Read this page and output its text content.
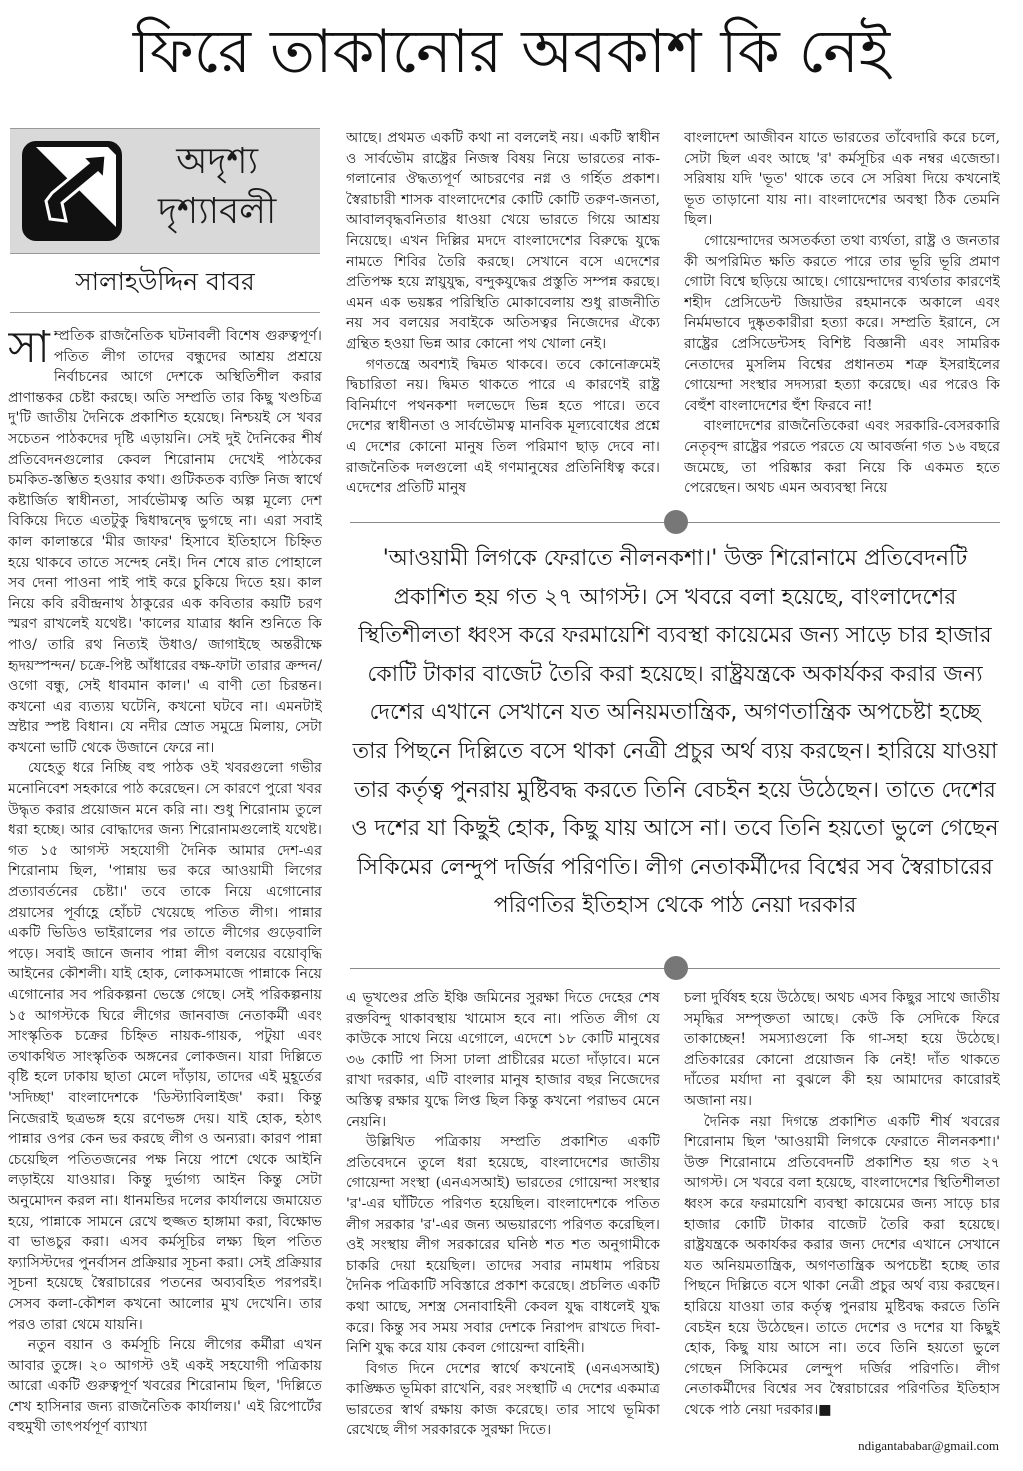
ফিরে তাকানোর অবকাশ কি নেই
অদৃশ্য
দৃশ্যাবলী
সালাহউদ্দিন বাবর

সাম্প্রতিক রাজনৈতিক ঘটনাবলী বিশেষ গুরুত্বপূর্ণ। পতিত লীগ তাদের বন্ধুদের আশ্রয় প্রশ্রয়ে নির্বাচনের আগে দেশকে অস্থিতিশীল করার প্রাণান্তকর চেষ্টা করছে। অতি সম্প্রতি তার কিছু খণ্ডচিত্র দু'টি জাতীয় দৈনিকে প্রকাশিত হয়েছে। নিশ্চয়ই সে খবর সচেতন পাঠকদের দৃষ্টি এড়ায়নি। সেই দুই দৈনিকের শীর্ষ প্রতিবেদনগুলোর কেবল শিরোনাম দেখেই পাঠকের চমকিত-স্তম্ভিত হওয়ার কথা। গুটিকতক ব্যক্তি নিজ স্বার্থে কষ্টার্জিত স্বাধীনতা, সার্বভৌমত্ব অতি অল্প মূল্যে দেশ বিকিয়ে দিতে এতটুকু দ্বিধাদ্বন্দ্বে ভুগছে না। এরা সবাই কাল কালান্তরে 'মীর জাফর' হিসাবে ইতিহাসে চিহ্নিত হয়ে থাকবে তাতে সন্দেহ নেই। দিন শেষে রাত পোহালে সব দেনা পাওনা পাই পাই করে চুকিয়ে দিতে হয়। কাল নিয়ে কবি রবীন্দ্রনাথ ঠাকুরের এক কবিতার কয়টি চরণ স্মরণ রাখলেই যথেষ্ট। 'কালের যাত্রার ধ্বনি শুনিতে কি পাও/ তারি রথ নিত্যই উধাও/ জাগাইছে অন্তরীক্ষে হৃদয়স্পন্দন/ চক্রে-পিষ্ট আঁধারের বক্ষ-ফাটা তারার ক্রন্দন/ ওগো বন্ধু, সেই ধাবমান কাল।' এ বাণী তো চিরন্তন। কখনো এর ব্যত্যয় ঘটেনি, কখনো ঘটবে না। এমনটাই স্রষ্টার স্পষ্ট বিধান। যে নদীর স্রোত সমুদ্রে মিলায়, সেটা কখনো ভাটি থেকে উজানে ফেরে না।

যেহেতু ধরে নিচ্ছি বহু পাঠক ওই খবরগুলো গভীর মনোনিবেশ সহকারে পাঠ করেছেন। সে কারণে পুরো খবর উদ্ধৃত করার প্রয়োজন মনে করি না। শুধু শিরোনাম তুলে ধরা হচ্ছে। আর বোদ্ধাদের জন্য শিরোনামগুলোই যথেষ্ট। গত ১৫ আগস্ট সহযোগী দৈনিক আমার দেশ-এর শিরোনাম ছিল, 'পান্নায় ভর করে আওয়ামী লিগের প্রত্যাবর্তনের চেষ্টা।' তবে তাকে নিয়ে এগোনোর প্রয়াসের পূর্বাহ্ণে হোঁচট খেয়েছে পতিত লীগ। পান্নার একটি ভিডিও ভাইরালের পর তাতে লীগের গুড়েবালি পড়ে। সবাই জানে জনাব পান্না লীগ বলয়ের বয়োবৃদ্ধি আইনের কৌশলী। যাই হোক, লোকসমাজে পান্নাকে নিয়ে এগোনোর সব পরিকল্পনা ভেস্তে গেছে। সেই পরিকল্পনায় ১৫ আগস্টকে ঘিরে লীগের জানবাজ নেতাকর্মী এবং সাংস্কৃতিক চক্রের চিহ্নিত নায়ক-গায়ক, পটুয়া এবং তথাকথিত সাংস্কৃতিক অঙ্গনের লোকজন। যারা দিল্লিতে বৃষ্টি হলে ঢাকায় ছাতা মেলে দাঁড়ায়, তাদের এই মুহূর্তের 'সদিচ্ছা' বাংলাদেশকে 'ডিস্ট্যাবিলাইজ' করা। কিন্তু নিজেরাই ছত্রভঙ্গ হয়ে রণেভঙ্গ দেয়। যাই হোক, হঠাৎ পান্নার ওপর কেন ভর করছে লীগ ও অন্যরা। কারণ পান্না চেয়েছিল পতিতজনের পক্ষ নিয়ে পাশে থেকে আইনি লড়াইয়ে যাওয়ার। কিন্তু দুর্ভাগ্য আইন কিন্তু সেটা অনুমোদন করল না। ধানমন্ডির দলের কার্যালয়ে জমায়েত হয়ে, পান্নাকে সামনে রেখে হুজ্জত হাঙ্গামা করা, বিক্ষোভ বা ভাঙচুর করা। এসব কর্মসূচির লক্ষ্য ছিল পতিত ফ্যাসিস্টদের পুনর্বাসন প্রক্রিয়ার সূচনা করা। সেই প্রক্রিয়ার সূচনা হয়েছে স্বৈরাচারের পতনের অব্যবহিত পরপরই। সেসব কলা-কৌশল কখনো আলোর মুখ দেখেনি। তার পরও তারা থেমে যায়নি।

নতুন বয়ান ও কর্মসূচি নিয়ে লীগের কর্মীরা এখন আবার তুঙ্গে। ২০ আগস্ট ওই একই সহযোগী পত্রিকায় আরো একটি গুরুত্বপূর্ণ খবরের শিরোনাম ছিল, 'দিল্লিতে শেখ হাসিনার জন্য রাজনৈতিক কার্যালয়।' এই রিপোর্টের বহুমুখী তাৎপর্যপূর্ণ ব্যাখ্যা

আছে। প্রথমত একটি কথা না বললেই নয়। একটি স্বাধীন ও সার্বভৌম রাষ্ট্রের নিজস্ব বিষয় নিয়ে ভারতের নাক-গলানোর ঔদ্ধত্যপূর্ণ আচরণের নগ্ন ও গর্হিত প্রকাশ। স্বৈরাচারী শাসক বাংলাদেশের কোটি কোটি তরুণ-জনতা, আবালবৃদ্ধবনিতার ধাওয়া খেয়ে ভারতে গিয়ে আশ্রয় নিয়েছে। এখন দিল্লির মদদে বাংলাদেশের বিরুদ্ধে যুদ্ধে নামতে শিবির তৈরি করছে। সেখানে বসে এদেশের প্রতিপক্ষ হয়ে স্নায়ুযুদ্ধ, বন্দুকযুদ্ধের প্রস্তুতি সম্পন্ন করছে। এমন এক ভয়ঙ্কর পরিস্থিতি মোকাবেলায় শুধু রাজনীতি নয় সব বলয়ের সবাইকে অতিসত্বর নিজেদের ঐক্যে গ্রন্থিত হওয়া ভিন্ন আর কোনো পথ খোলা নেই।

গণতন্ত্রে অবশ্যই দ্বিমত থাকবে। তবে কোনোক্রমেই দ্বিচারিতা নয়। দ্বিমত থাকতে পারে এ কারণেই রাষ্ট্র বিনির্মাণে পথনকশা দলভেদে ভিন্ন হতে পারে। তবে দেশের স্বাধীনতা ও সার্বভৌমত্ব মানবিক মূল্যবোধের প্রশ্নে এ দেশের কোনো মানুষ তিল পরিমাণ ছাড় দেবে না। রাজনৈতিক দলগুলো এই গণমানুষের প্রতিনিধিত্ব করে। এদেশের প্রতিটি মানুষ

বাংলাদেশ আজীবন যাতে ভারতের তাঁবেদারি করে চলে, সেটা ছিল এবং আছে 'র' কর্মসূচির এক নম্বর এজেন্ডা। সরিষায় যদি 'ভূত' থাকে তবে সে সরিষা দিয়ে কখনোই ভূত তাড়ানো যায় না। বাংলাদেশের অবস্থা ঠিক তেমনি ছিল।

গোয়েন্দাদের অসতর্কতা তথা ব্যর্থতা, রাষ্ট্র ও জনতার কী অপরিমিত ক্ষতি করতে পারে তার ভূরি ভূরি প্রমাণ গোটা বিশ্বে ছড়িয়ে আছে। গোয়েন্দাদের ব্যর্থতার কারণেই শহীদ প্রেসিডেন্ট জিয়াউর রহমানকে অকালে এবং নির্মমভাবে দুষ্কৃতকারীরা হত্যা করে। সম্প্রতি ইরানে, সে রাষ্ট্রের প্রেসিডেন্টসহ বিশিষ্ট বিজ্ঞানী এবং সামরিক নেতাদের মুসলিম বিশ্বের প্রধানতম শত্রু ইসরাইলের গোয়েন্দা সংস্থার সদস্যরা হত্যা করেছে। এর পরেও কি বেহুঁশ বাংলাদেশের হুঁশ ফিরবে না!

বাংলাদেশের রাজনৈতিকেরা এবং সরকারি-বেসরকারি নেতৃবৃন্দ রাষ্ট্রের পরতে পরতে যে আবর্জনা গত ১৬ বছরে জমেছে, তা পরিষ্কার করা নিয়ে কি একমত হতে পেরেছেন। অথচ এমন অব্যবস্থা নিয়ে

'আওয়ামী লিগকে ফেরাতে নীলনকশা।' উক্ত শিরোনামে প্রতিবেদনটি প্রকাশিত হয় গত ২৭ আগস্ট। সে খবরে বলা হয়েছে, বাংলাদেশের স্থিতিশীলতা ধ্বংস করে ফরমায়েশি ব্যবস্থা কায়েমের জন্য সাড়ে চার হাজার কোটি টাকার বাজেট তৈরি করা হয়েছে। রাষ্ট্রযন্ত্রকে অকার্যকর করার জন্য দেশের এখানে সেখানে যত অনিয়মতান্ত্রিক, অগণতান্ত্রিক অপচেষ্টা হচ্ছে তার পিছনে দিল্লিতে বসে থাকা নেত্রী প্রচুর অর্থ ব্যয় করছেন। হারিয়ে যাওয়া তার কর্তৃত্ব পুনরায় মুষ্টিবদ্ধ করতে তিনি বেচইন হয়ে উঠেছেন। তাতে দেশের ও দশের যা কিছুই হোক, কিছু যায় আসে না। তবে তিনি হয়তো ভুলে গেছেন সিকিমের লেন্দুপ দর্জির পরিণতি। লীগ নেতাকর্মীদের বিশ্বের সব স্বৈরাচারের পরিণতির ইতিহাস থেকে পাঠ নেয়া দরকার

এ ভূখণ্ডের প্রতি ইঞ্চি জমিনের সুরক্ষা দিতে দেহের শেষ রক্তবিন্দু থাকাবস্থায় খামোস হবে না। পতিত লীগ যে কাউকে সাথে নিয়ে এগোলে, এদেশে ১৮ কোটি মানুষের ৩৬ কোটি পা সিসা ঢালা প্রাচীরের মতো দাঁড়াবে। মনে রাখা দরকার, এটি বাংলার মানুষ হাজার বছর নিজেদের অস্তিত্ব রক্ষার যুদ্ধে লিপ্ত ছিল কিন্তু কখনো পরাভব মেনে নেয়নি।

উল্লিখিত পত্রিকায় সম্প্রতি প্রকাশিত একটি প্রতিবেদনে তুলে ধরা হয়েছে, বাংলাদেশের জাতীয় গোয়েন্দা সংস্থা (এনএসআই) ভারতের গোয়েন্দা সংস্থার 'র'-এর ঘাঁটিতে পরিণত হয়েছিল। বাংলাদেশকে পতিত লীগ সরকার 'র'-এর জন্য অভয়ারণ্যে পরিণত করেছিল। ওই সংস্থায় লীগ সরকারের ঘনিষ্ঠ শত শত অনুগামীকে চাকরি দেয়া হয়েছিল। তাদের সবার নামধাম পরিচয় দৈনিক পত্রিকাটি সবিস্তারে প্রকাশ করেছে। প্রচলিত একটি কথা আছে, সশস্ত্র সেনাবাহিনী কেবল যুদ্ধ বাধলেই যুদ্ধ করে। কিন্তু সব সময় সবার দেশকে নিরাপদ রাখতে দিবা-নিশি যুদ্ধ করে যায় কেবল গোয়েন্দা বাহিনী।

বিগত দিনে দেশের স্বার্থে কখনোই (এনএসআই) কাঙ্ক্ষিত ভূমিকা রাখেনি, বরং সংস্থাটি এ দেশের একমাত্র ভারতের স্বার্থ রক্ষায় কাজ করেছে। তার সাথে ভূমিকা রেখেছে লীগ সরকারকে সুরক্ষা দিতে।

চলা দুর্বিষহ হয়ে উঠেছে। অথচ এসব কিছুর সাথে জাতীয় সমৃদ্ধির সম্পৃক্ততা আছে। কেউ কি সেদিকে ফিরে তাকাচ্ছেন! সমস্যাগুলো কি গা-সহা হয়ে উঠেছে। প্রতিকারের কোনো প্রয়োজন কি নেই! দাঁত থাকতে দাঁতের মর্যাদা না বুঝলে কী হয় আমাদের কারোরই অজানা নয়।

দৈনিক নয়া দিগন্তে প্রকাশিত একটি শীর্ষ খবরের শিরোনাম ছিল 'আওয়ামী লিগকে ফেরাতে নীলনকশা।' উক্ত শিরোনামে প্রতিবেদনটি প্রকাশিত হয় গত ২৭ আগস্ট। সে খবরে বলা হয়েছে, বাংলাদেশের স্থিতিশীলতা ধ্বংস করে ফরমায়েশি ব্যবস্থা কায়েমের জন্য সাড়ে চার হাজার কোটি টাকার বাজেট তৈরি করা হয়েছে। রাষ্ট্রযন্ত্রকে অকার্যকর করার জন্য দেশের এখানে সেখানে যত অনিয়মতান্ত্রিক, অগণতান্ত্রিক অপচেষ্টা হচ্ছে তার পিছনে দিল্লিতে বসে থাকা নেত্রী প্রচুর অর্থ ব্যয় করছেন। হারিয়ে যাওয়া তার কর্তৃত্ব পুনরায় মুষ্টিবদ্ধ করতে তিনি বেচইন হয়ে উঠেছেন। তাতে দেশের ও দশের যা কিছুই হোক, কিছু যায় আসে না। তবে তিনি হয়তো ভুলে গেছেন সিকিমের লেন্দুপ দর্জির পরিণতি। লীগ নেতাকর্মীদের বিশ্বের সব স্বৈরাচারের পরিণতির ইতিহাস থেকে পাঠ নেয়া দরকার।■

ndigantababar@gmail.com
